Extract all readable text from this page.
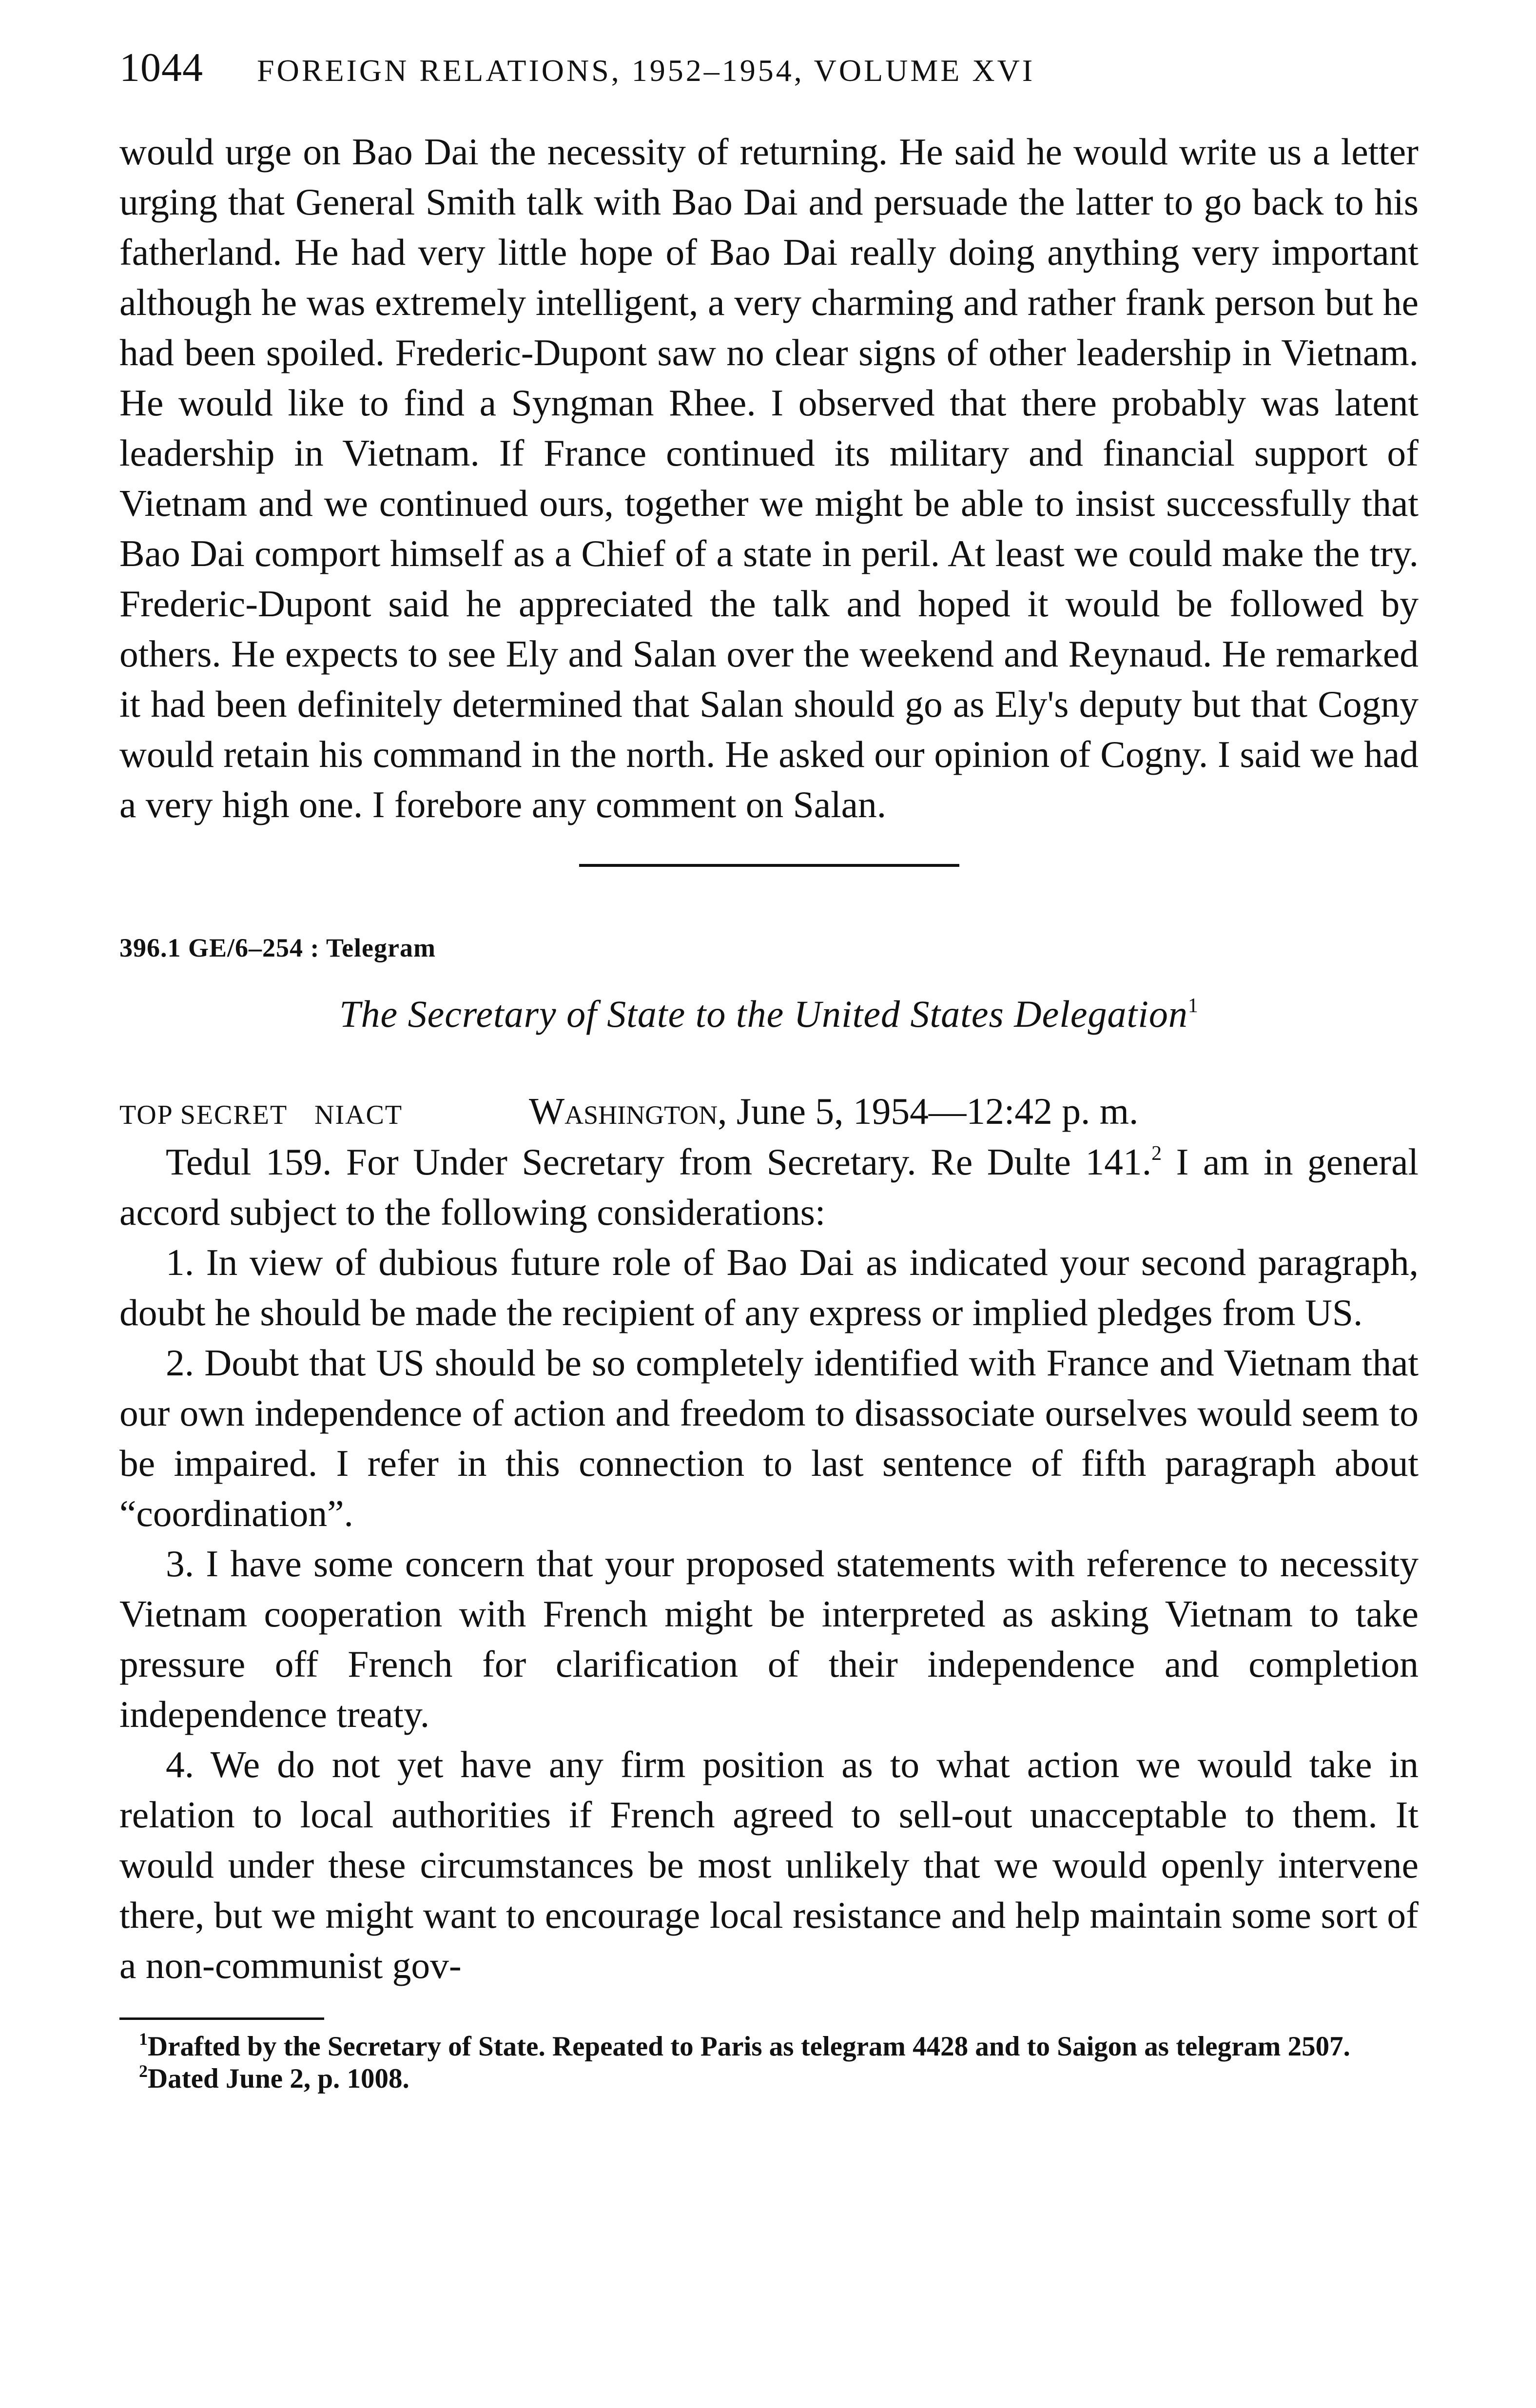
1044 FOREIGN RELATIONS, 1952–1954, VOLUME XVI

would urge on Bao Dai the necessity of returning. He said he would write us a letter urging that General Smith talk with Bao Dai and persuade the latter to go back to his fatherland. He had very little hope of Bao Dai really doing anything very important although he was extremely intelligent, a very charming and rather frank person but he had been spoiled. Frederic-Dupont saw no clear signs of other leadership in Vietnam. He would like to find a Syngman Rhee. I observed that there probably was latent leadership in Vietnam. If France continued its military and financial support of Vietnam and we continued ours, together we might be able to insist successfully that Bao Dai comport himself as a Chief of a state in peril. At least we could make the try. Frederic-Dupont said he appreciated the talk and hoped it would be followed by others. He expects to see Ely and Salan over the weekend and Reynaud. He remarked it had been definitely determined that Salan should go as Ely's deputy but that Cogny would retain his command in the north. He asked our opinion of Cogny. I said we had a very high one. I forebore any comment on Salan.

396.1 GE/6–254 : Telegram

The Secretary of State to the United States Delegation$^1$

TOP SECRET NIACT	Washington, June 5, 1954—12:42 p. m.

Tedul 159. For Under Secretary from Secretary. Re Dulte 141.$^2$ I am in general accord subject to the following considerations:

1. In view of dubious future role of Bao Dai as indicated your second paragraph, doubt he should be made the recipient of any express or implied pledges from US.

2. Doubt that US should be so completely identified with France and Vietnam that our own independence of action and freedom to disassociate ourselves would seem to be impaired. I refer in this connection to last sentence of fifth paragraph about “coordination”.

3. I have some concern that your proposed statements with reference to necessity Vietnam cooperation with French might be interpreted as asking Vietnam to take pressure off French for clarification of their independence and completion independence treaty.

4. We do not yet have any firm position as to what action we would take in relation to local authorities if French agreed to sell-out unacceptable to them. It would under these circumstances be most unlikely that we would openly intervene there, but we might want to encourage local resistance and help maintain some sort of a non-communist gov-

$^1$Drafted by the Secretary of State. Repeated to Paris as telegram 4428 and to Saigon as telegram 2507.

$^2$Dated June 2, p. 1008.
